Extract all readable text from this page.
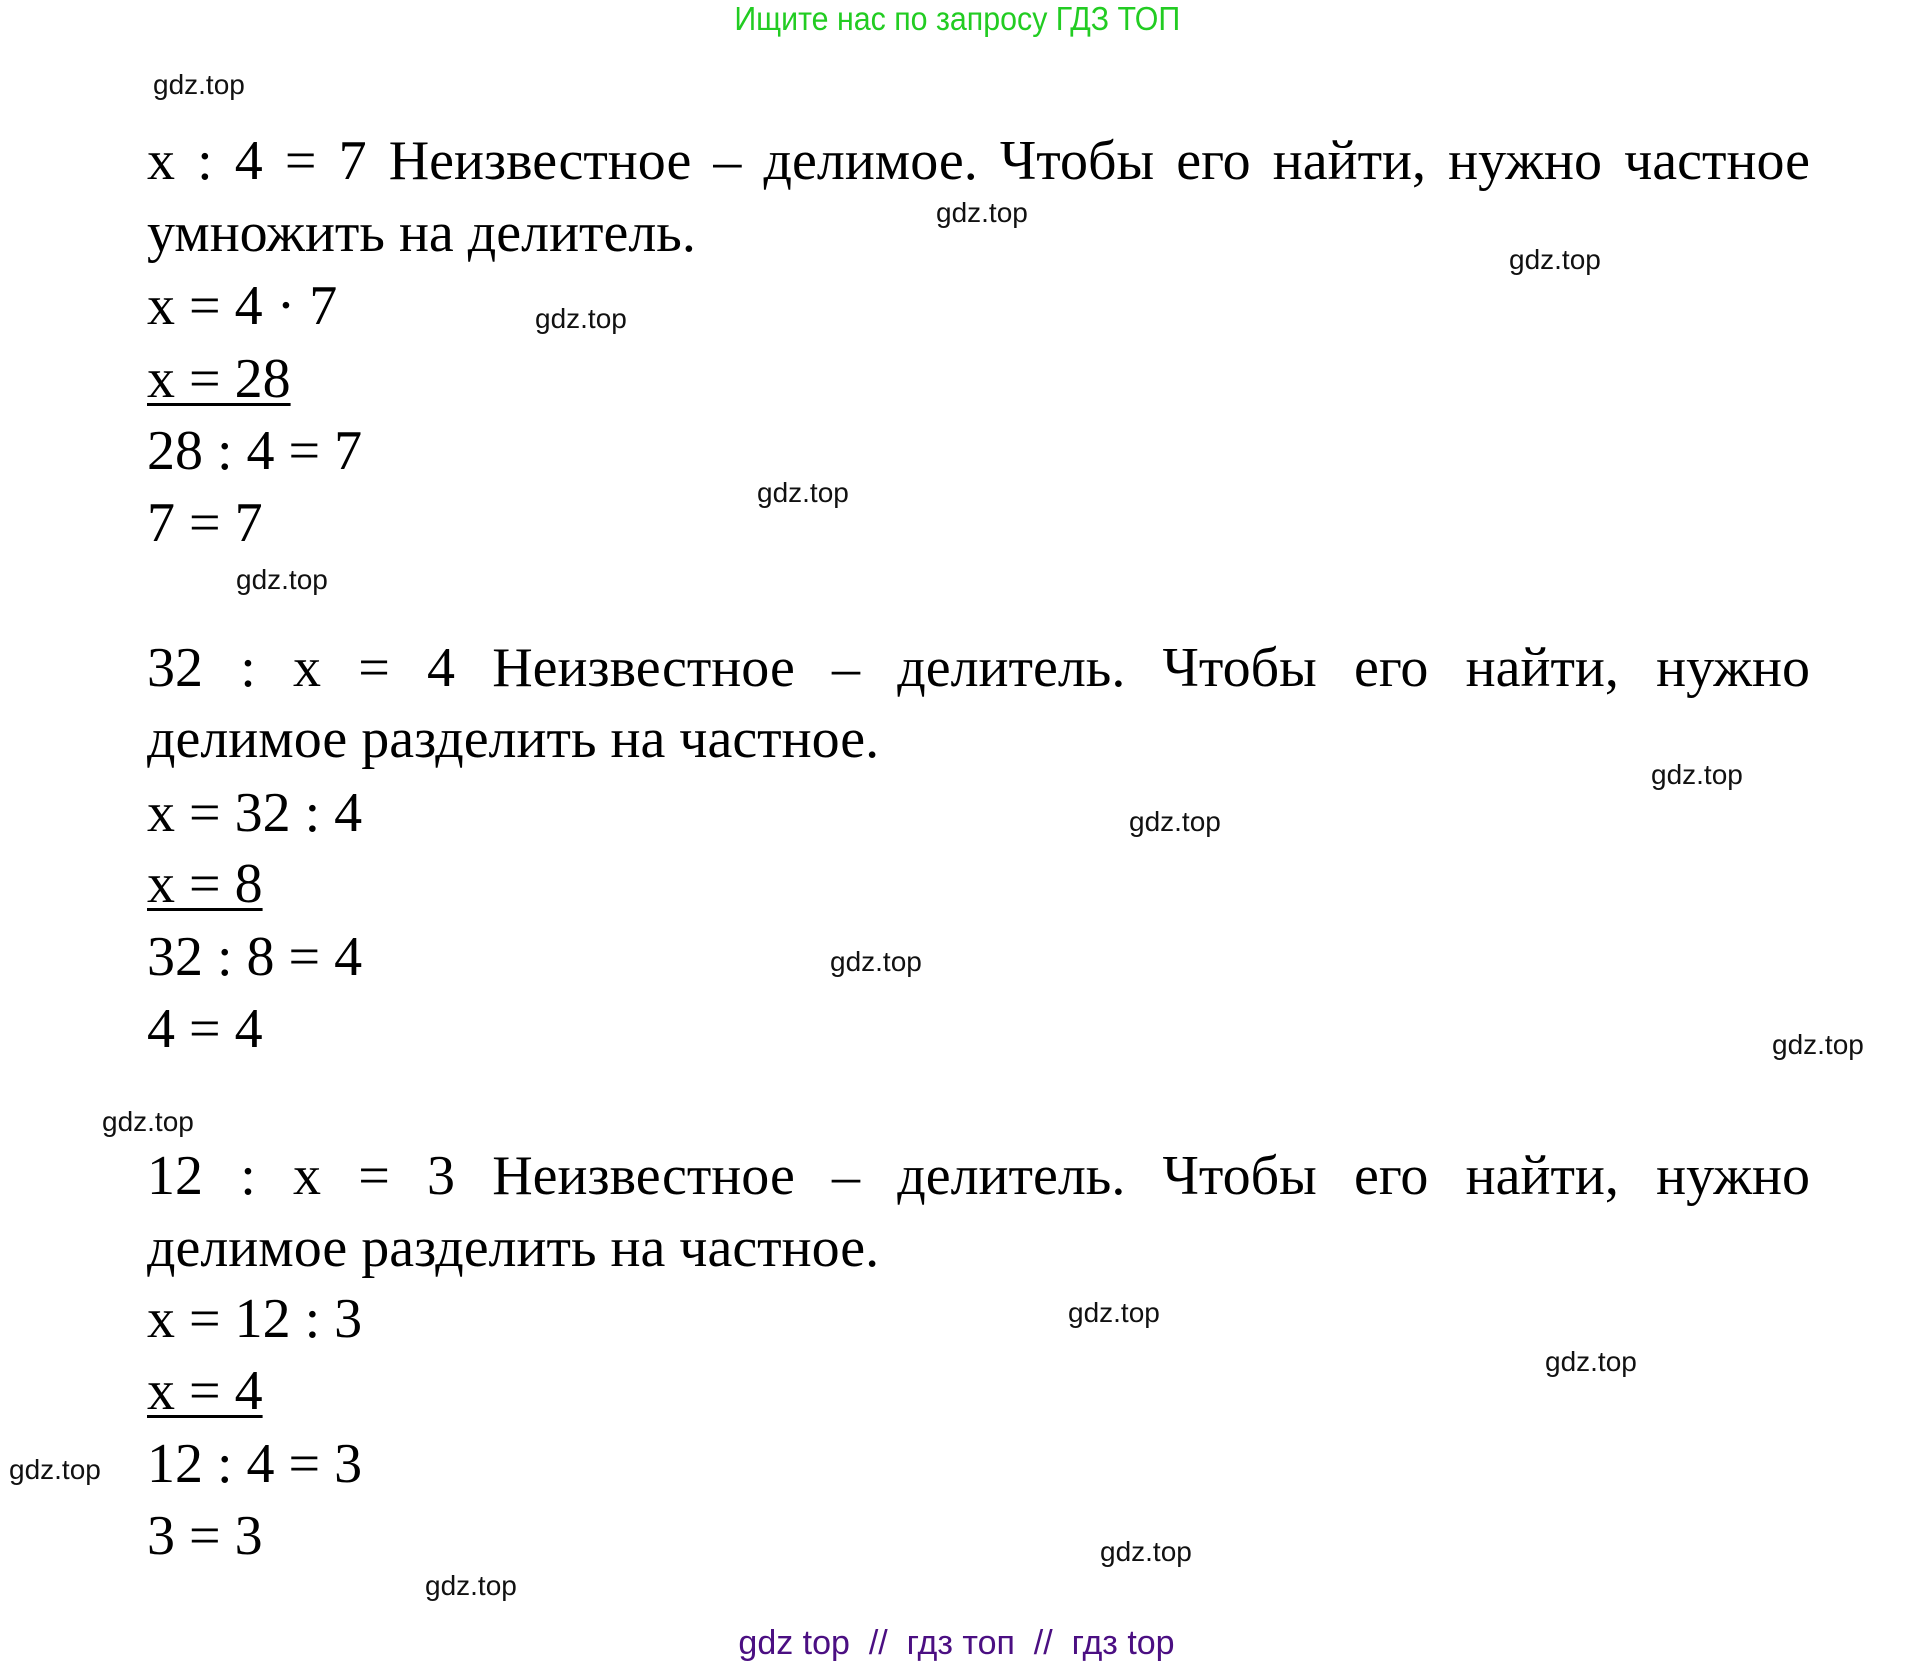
Ищите нас по запросу ГДЗ ТОП
x : 4 = 7 Неизвестное – делимое. Чтобы его найти, нужно частное
умножить на делитель.
x = 4 · 7
x = 28
28 : 4 = 7
7 = 7
32 : x = 4 Неизвестное – делитель. Чтобы его найти, нужно
делимое разделить на частное.
x = 32 : 4
x = 8
32 : 8 = 4
4 = 4
12 : x = 3 Неизвестное – делитель. Чтобы его найти, нужно
делимое разделить на частное.
x = 12 : 3
x = 4
12 : 4 = 3
3 = 3
gdz.top
gdz.top
gdz.top
gdz.top
gdz.top
gdz.top
gdz.top
gdz.top
gdz.top
gdz.top
gdz.top
gdz.top
gdz.top
gdz.top
gdz.top
gdz.top
gdz top  //  гдз топ  //  гдз top
